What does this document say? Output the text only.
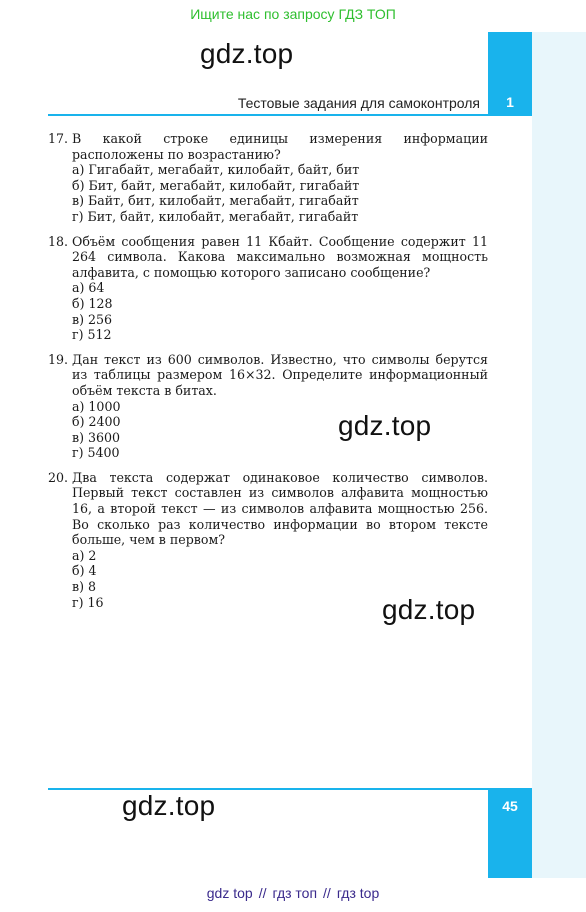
Ищите нас по запросу ГДЗ ТОП
1
45
gdz.top
Тестовые задания для самоконтроля
17. В какой строке единицы измерения информации расположены по возрастанию?
а) Гигабайт, мегабайт, килобайт, байт, бит
б) Бит, байт, мегабайт, килобайт, гигабайт
в) Байт, бит, килобайт, мегабайт, гигабайт
г) Бит, байт, килобайт, мегабайт, гигабайт
18. Объём сообщения равен 11 Кбайт. Сообщение содержит 11 264 символа. Какова максимально возможная мощность алфавита, с помощью которого записано сообщение?
а) 64
б) 128
в) 256
г) 512
19. Дан текст из 600 символов. Известно, что символы берутся из таблицы размером 16×32. Определите информационный объём текста в битах.
а) 1000
б) 2400
в) 3600
г) 5400
20. Два текста содержат одинаковое количество символов. Первый текст составлен из символов алфавита мощностью 16, а второй текст — из символов алфавита мощностью 256. Во сколько раз количество информации во втором тексте больше, чем в первом?
а) 2
б) 4
в) 8
г) 16
gdz.top
gdz.top
gdz.top
gdz top // гдз топ // гдз top
